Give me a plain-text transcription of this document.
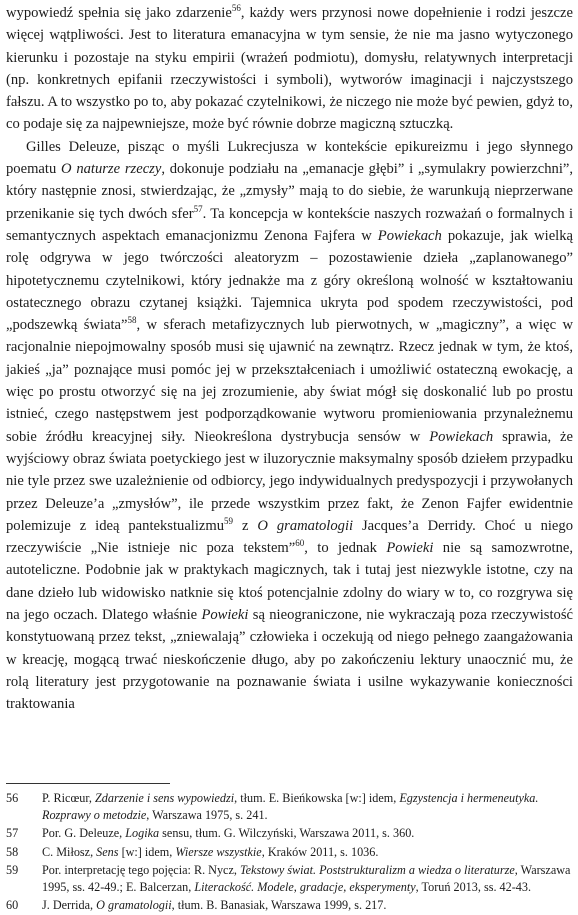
wypowiedź spełnia się jako zdarzenie$^{56}$, każdy wers przynosi nowe dopełnienie i rodzi jeszcze więcej wątpliwości. Jest to literatura emanacyjna w tym sensie, że nie ma jasno wytyczonego kierunku i pozostaje na styku empirii (wrażeń podmiotu), domysłu, relatywnych interpretacji (np. konkretnych epifanii rzeczywistości i symboli), wytworów imaginacji i najczystszego fałszu. A to wszystko po to, aby pokazać czytelnikowi, że niczego nie może być pewien, gdyż to, co podaje się za najpewniejsze, może być równie dobrze magiczną sztuczką.

Gilles Deleuze, pisząc o myśli Lukrecjusza w kontekście epikureizmu i jego słynnego poematu O naturze rzeczy, dokonuje podziału na „emanacje głębi” i „symulakry powierzchni”, który następnie znosi, stwierdzając, że „zmysły” mają to do siebie, że warunkują nieprzerwane przenikanie się tych dwóch sfer$^{57}$. Ta koncepcja w kontekście naszych rozważań o formalnych i semantycznych aspektach emanacjonizmu Zenona Fajfera w Powiekach pokazuje, jak wielką rolę odgrywa w jego twórczości aleatoryzm – pozostawienie dzieła „zaplanowanego” hipotetycznemu czytelnikowi, który jednakże ma z góry określoną wolność w kształtowaniu ostatecznego obrazu czytanej książki. Tajemnica ukryta pod spodem rzeczywistości, pod „podszewką świata”$^{58}$, w sferach metafizycznych lub pierwotnych, w „magiczny”, a więc w racjonalnie niepojmowalny sposób musi się ujawnić na zewnątrz. Rzecz jednak w tym, że ktoś, jakieś „ja” poznające musi pomóc jej w przekształceniach i umożliwić ostateczną ewokację, a więc po prostu otworzyć się na jej zrozumienie, aby świat mógł się doskonalić lub po prostu istnieć, czego następstwem jest podporządkowanie wytworu promieniowania przynależnemu sobie źródłu kreacyjnej siły. Nieokreślona dystrybucja sensów w Powiekach sprawia, że wyjściowy obraz świata poetyckiego jest w iluzorycznie maksymalny sposób dziełem przypadku nie tyle przez swe uzależnienie od odbiorcy, jego indywidualnych predyspozycji i przywołanych przez Deleuze’a „zmysłów”, ile przede wszystkim przez fakt, że Zenon Fajfer ewidentnie polemizuje z ideą pantekstualizmu$^{59}$ z O gramatologii Jacques’a Derridy. Choć u niego rzeczywiście „Nie istnieje nic poza tekstem”$^{60}$, to jednak Powieki nie są samozwrotne, autoteliczne. Podobnie jak w praktykach magicznych, tak i tutaj jest niezwykle istotne, czy na dane dzieło lub widowisko natknie się ktoś potencjalnie zdolny do wiary w to, co rozgrywa się na jego oczach. Dlatego właśnie Powieki są nieograniczone, nie wykraczają poza rzeczywistość konstytuowaną przez tekst, „zniewalają” człowieka i oczekują od niego pełnego zaangażowania w kreację, mogącą trwać nieskończenie długo, aby po zakończeniu lektury unaocznić mu, że rolą literatury jest przygotowanie na poznawanie świata i usilne wykazywanie konieczności traktowania

56 P. Ricœur, Zdarzenie i sens wypowiedzi, tłum. E. Bieńkowska [w:] idem, Egzystencja i hermeneutyka. Rozprawy o metodzie, Warszawa 1975, s. 241.
57 Por. G. Deleuze, Logika sensu, tłum. G. Wilczyński, Warszawa 2011, s. 360.
58 C. Miłosz, Sens [w:] idem, Wiersze wszystkie, Kraków 2011, s. 1036.
59 Por. interpretację tego pojęcia: R. Nycz, Tekstowy świat. Poststrukturalizm a wiedza o literaturze, Warszawa 1995, ss. 42-49.; E. Balcerzan, Literackość. Modele, gradacje, eksperymenty, Toruń 2013, ss. 42-43.
60 J. Derrida, O gramatologii, tłum. B. Banasiak, Warszawa 1999, s. 217.
